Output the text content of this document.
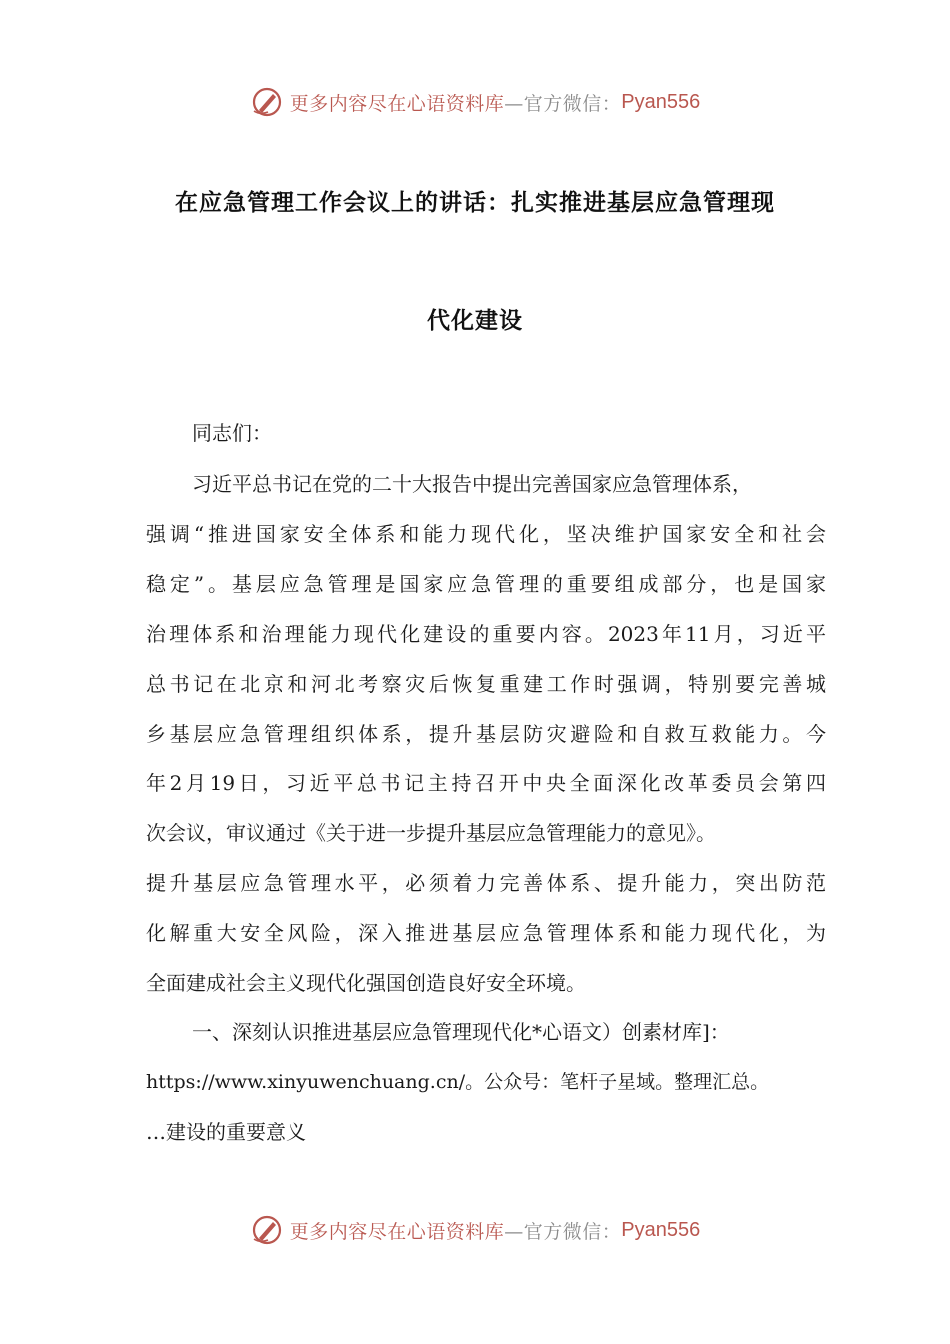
更多内容尽在心语资料库 —官方微信： Pyan556
在应急管理工作会议上的讲话：扎实推进基层应急管理现
代化建设
同志们：
习近平总书记在党的二十大报告中提出完善国家应急管理体系，
强调“推进国家安全体系和能力现代化，坚决维护国家安全和社会
稳定”。基层应急管理是国家应急管理的重要组成部分，也是国家
治理体系和治理能力现代化建设的重要内容。2023年11月，习近平
总书记在北京和河北考察灾后恢复重建工作时强调，特别要完善城
乡基层应急管理组织体系，提升基层防灾避险和自救互救能力。今
年2月19日，习近平总书记主持召开中央全面深化改革委员会第四
次会议，审议通过《关于进一步提升基层应急管理能力的意见》。
提升基层应急管理水平，必须着力完善体系、提升能力，突出防范
化解重大安全风险，深入推进基层应急管理体系和能力现代化，为
全面建成社会主义现代化强国创造良好安全环境。
一、深刻认识推进基层应急管理现代化*心语文）创素材库]：
https://www.xinyuwenchuang.cn/。公众号：笔杆子星域。整理汇总。
…建设的重要意义
更多内容尽在心语资料库 —官方微信： Pyan556
